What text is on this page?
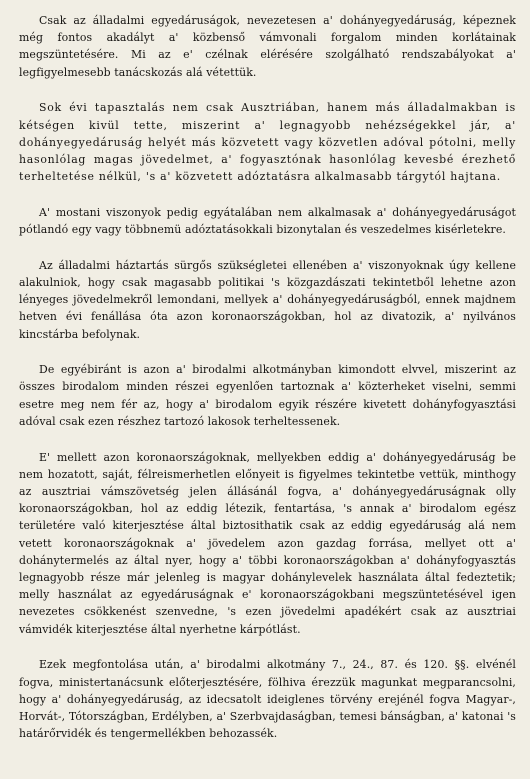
Csak az álladalmi egyedáruságok, nevezetesen a' dohányegyedáruság, képeznek még fontos akadályt a' közbenső vámvonali forgalom minden korlátainak megszüntetésére. Mi az e' czélnak elérésére szolgálható rendszabályokat a' legfigyelmesebb tanácskozás alá vétettük.

Sok évi tapasztalás nem csak Ausztriában, hanem más álladalmakban is kétségen kivül tette, miszerint a' legnagyobb nehézségekkel jár, a' dohányegyedáruság helyét más közvetett vagy közvetlen adóval pótolni, melly hasonlólag magas jövedelmet, a' fogyasztónak hasonlólag kevesbé érezhető terheltetése nélkül, 's a' közvetett adóztatásra alkalmasabb tárgytól hajtana.

A' mostani viszonyok pedig egyátalában nem alkalmasak a' dohányegyedáruságot pótlandó egy vagy többnemü adóztatásokkali bizonytalan és veszedelmes kisérletekre.

Az álladalmi háztartás sürgős szükségletei ellenében a' viszonyoknak úgy kellene alakulniok, hogy csak magasabb politikai 's közgazdászati tekintetből lehetne azon lényeges jövedelmekről lemondani, mellyek a' dohányegyedáruságból, ennek majdnem hetven évi fenállása óta azon koronaországokban, hol az divatozik, a' nyilvános kincstárba befolynak.

De egyébiránt is azon a' birodalmi alkotmányban kimondott elvvel, miszerint az összes birodalom minden részei egyenlően tartoznak a' közterheket viselni, semmi esetre meg nem fér az, hogy a' birodalom egyik részére kivetett dohányfogyasztási adóval csak ezen részhez tartozó lakosok terheltessenek.

E' mellett azon koronaországoknak, mellyekben eddig a' dohányegyedáruság be nem hozatott, saját, félreismerhetlen előnyeit is figyelmes tekintetbe vettük, minthogy az ausztriai vámszövetség jelen állásánál fogva, a' dohányegyedáruságnak olly koronaországokban, hol az eddig létezik, fentartása, 's annak a' birodalom egész területére való kiterjesztése által biztosithatik csak az eddig egyedáruság alá nem vetett koronaországoknak a' jövedelem azon gazdag forrása, mellyet ott a' dohánytermelés az által nyer, hogy a' többi koronaországokban a' dohányfogyasztás legnagyobb része már jelenleg is magyar dohánylevelek használata által fedeztetik; melly használat az egyedáruságnak e' koronaországokbani megszüntetésével igen nevezetes csökkenést szenvedne, 's ezen jövedelmi apadékért csak az ausztriai vámvidék kiterjesztése által nyerhetne kárpótlást.

Ezek megfontolása után, a' birodalmi alkotmány 7., 24., 87. és 120. §§. elvénél fogva, ministertanácsunk előterjesztésére, fölhiva érezzük magunkat megparancsolni, hogy a' dohányegyedáruság, az idecsatolt ideiglenes törvény erejénél fogva Magyar-, Horvát-, Tótországban, Erdélyben, a' Szerbvajdaságban, temesi bánságban, a' katonai 's határőrvidék és tengermellékben behozassék.
